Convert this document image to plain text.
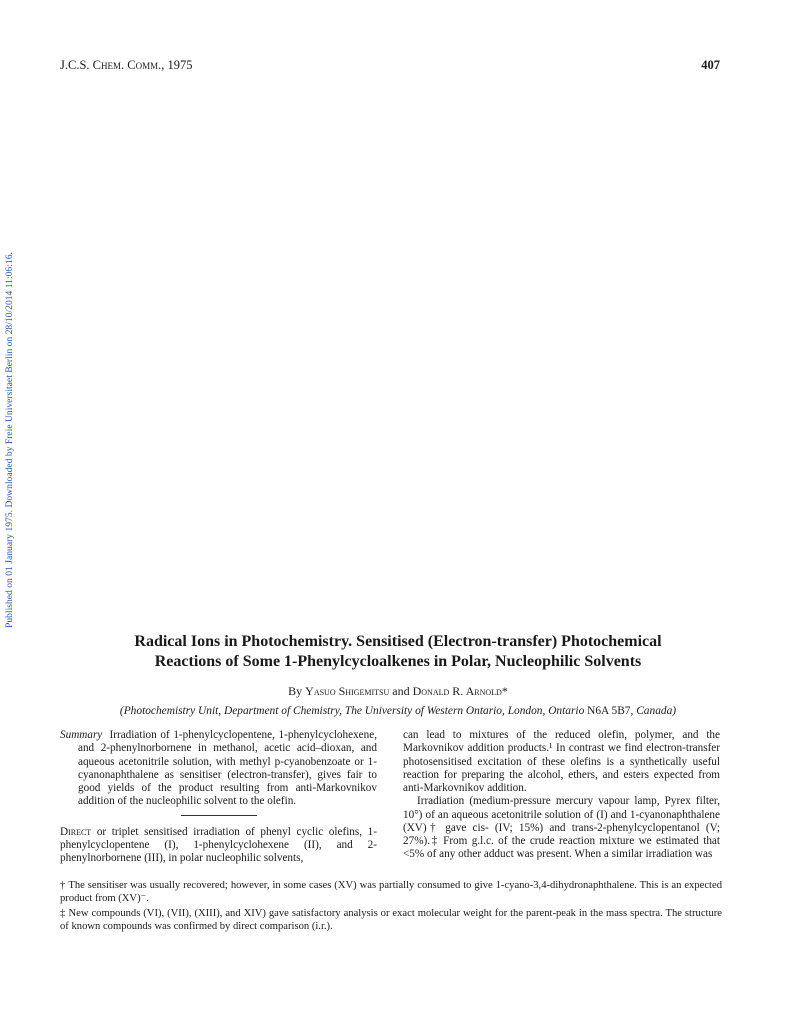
J.C.S. Chem. Comm., 1975	407
Published on 01 January 1975. Downloaded by Freie Universitaet Berlin on 28/10/2014 11:06:16.
Radical Ions in Photochemistry. Sensitised (Electron-transfer) Photochemical
Reactions of Some 1-Phenylcycloalkenes in Polar, Nucleophilic Solvents
By Yasuo Shigemitsu and Donald R. Arnold*
(Photochemistry Unit, Department of Chemistry, The University of Western Ontario, London, Ontario N6A 5B7, Canada)

Summary Irradiation of 1-phenylcyclopentene, 1-phenylcyclohexene, and 2-phenylnorbornene in methanol, acetic acid–dioxan, and aqueous acetonitrile solution, with methyl p-cyanobenzoate or 1-cyanonaphthalene as sensitiser (electron-transfer), gives fair to good yields of the product resulting from anti-Markovnikov addition of the nucleophilic solvent to the olefin.

Direct or triplet sensitised irradiation of phenyl cyclic olefins, 1-phenylcyclopentene (I), 1-phenylcyclohexene (II), and 2-phenylnorbornene (III), in polar nucleophilic solvents,

can lead to mixtures of the reduced olefin, polymer, and the Markovnikov addition products.¹ In contrast we find electron-transfer photosensitised excitation of these olefins is a synthetically useful reaction for preparing the alcohol, ethers, and esters expected from anti-Markovnikov addition.

Irradiation (medium-pressure mercury vapour lamp, Pyrex filter, 10°) of an aqueous acetonitrile solution of (I) and 1-cyanonaphthalene (XV)† gave cis- (IV; 15%) and trans-2-phenylcyclopentanol (V; 27%).‡ From g.l.c. of the crude reaction mixture we estimated that <5% of any other adduct was present. When a similar irradiation was

† The sensitiser was usually recovered; however, in some cases (XV) was partially consumed to give 1-cyano-3,4-dihydronaphthalene. This is an expected product from (XV)⁻.
‡ New compounds (VI), (VII), (XIII), and XIV) gave satisfactory analysis or exact molecular weight for the parent-peak in the mass spectra. The structure of known compounds was confirmed by direct comparison (i.r.).
